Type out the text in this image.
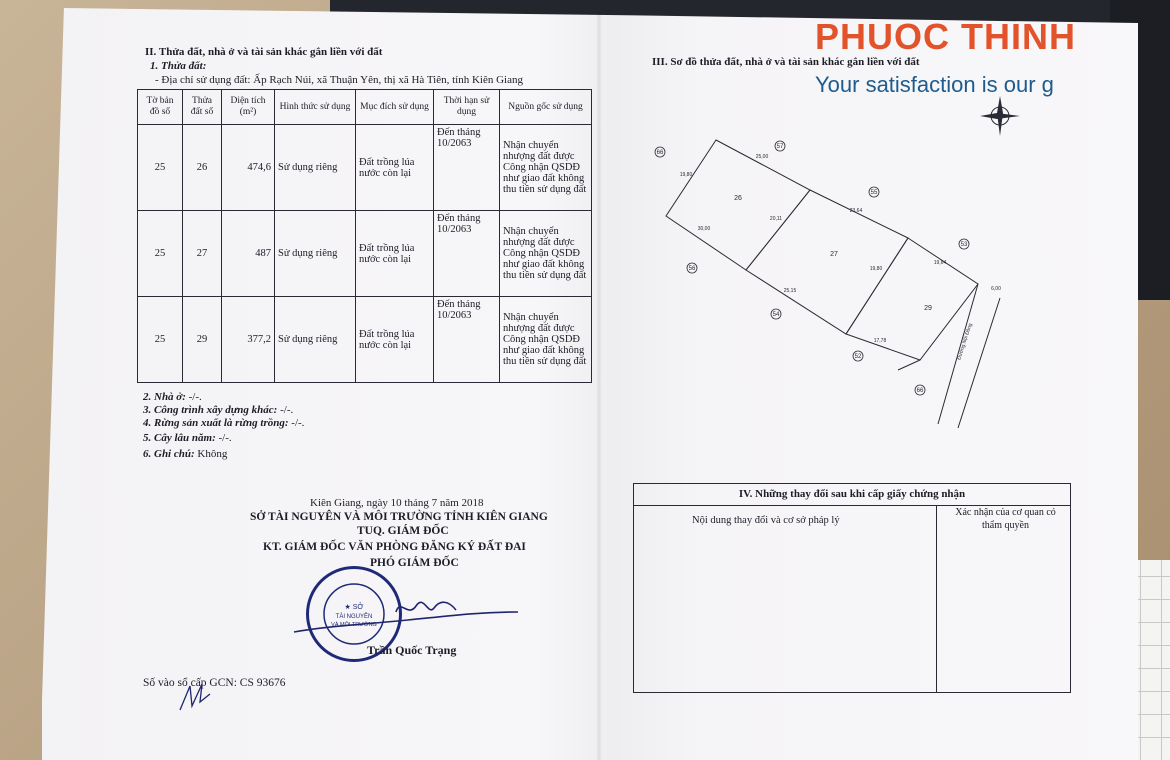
II. Thửa đất, nhà ở và tài sản khác gắn liền với đất
1. Thửa đất:
- Địa chỉ sử dụng đất: Ấp Rạch Núi, xã Thuận Yên, thị xã Hà Tiên, tỉnh Kiên Giang
Tờ bản đồ số	Thửa đất số	Diện tích (m²)	Hình thức sử dụng	Mục đích sử dụng	Thời hạn sử dụng	Nguồn gốc sử dụng
25	26	474,6	Sử dụng riêng	Đất trồng lúa nước còn lại	Đến tháng 10/2063	Nhận chuyển nhượng đất được Công nhận QSDĐ như giao đất không thu tiền sử dụng đất
25	27	487	Sử dụng riêng	Đất trồng lúa nước còn lại	Đến tháng 10/2063	Nhận chuyển nhượng đất được Công nhận QSDĐ như giao đất không thu tiền sử dụng đất
25	29	377,2	Sử dụng riêng	Đất trồng lúa nước còn lại	Đến tháng 10/2063	Nhận chuyển nhượng đất được Công nhận QSDĐ như giao đất không thu tiền sử dụng đất
2. Nhà ở: -/-.
3. Công trình xây dựng khác: -/-.
4. Rừng sản xuất là rừng trồng: -/-.
5. Cây lâu năm: -/-.
6. Ghi chú: Không
Kiên Giang, ngày 10 tháng 7 năm 2018
SỞ TÀI NGUYÊN VÀ MÔI TRƯỜNG TỈNH KIÊN GIANG
TUQ. GIÁM ĐỐC
KT. GIÁM ĐỐC VĂN PHÒNG ĐĂNG KÝ ĐẤT ĐAI
PHÓ GIÁM ĐỐC
★ SỞ
TÀI NGUYÊN
VÀ MÔI TRƯỜNG
Trần Quốc Trạng
Số vào sổ cấp GCN: CS 93676
III. Sơ đồ thửa đất, nhà ở và tài sản khác gắn liền với đất
66
57
55
53
56
54
52
66
26
27
29
25,00
19,80
20,11
23,64
30,00
19,80
25,15
19,64
17,78
6,00
Đường Nội Đồng
IV. Những thay đổi sau khi cấp giấy chứng nhận
Nội dung thay đổi và cơ sở pháp lý
Xác nhận của cơ quan có thẩm quyền
PHUOC THINH
Your satisfaction is our g
